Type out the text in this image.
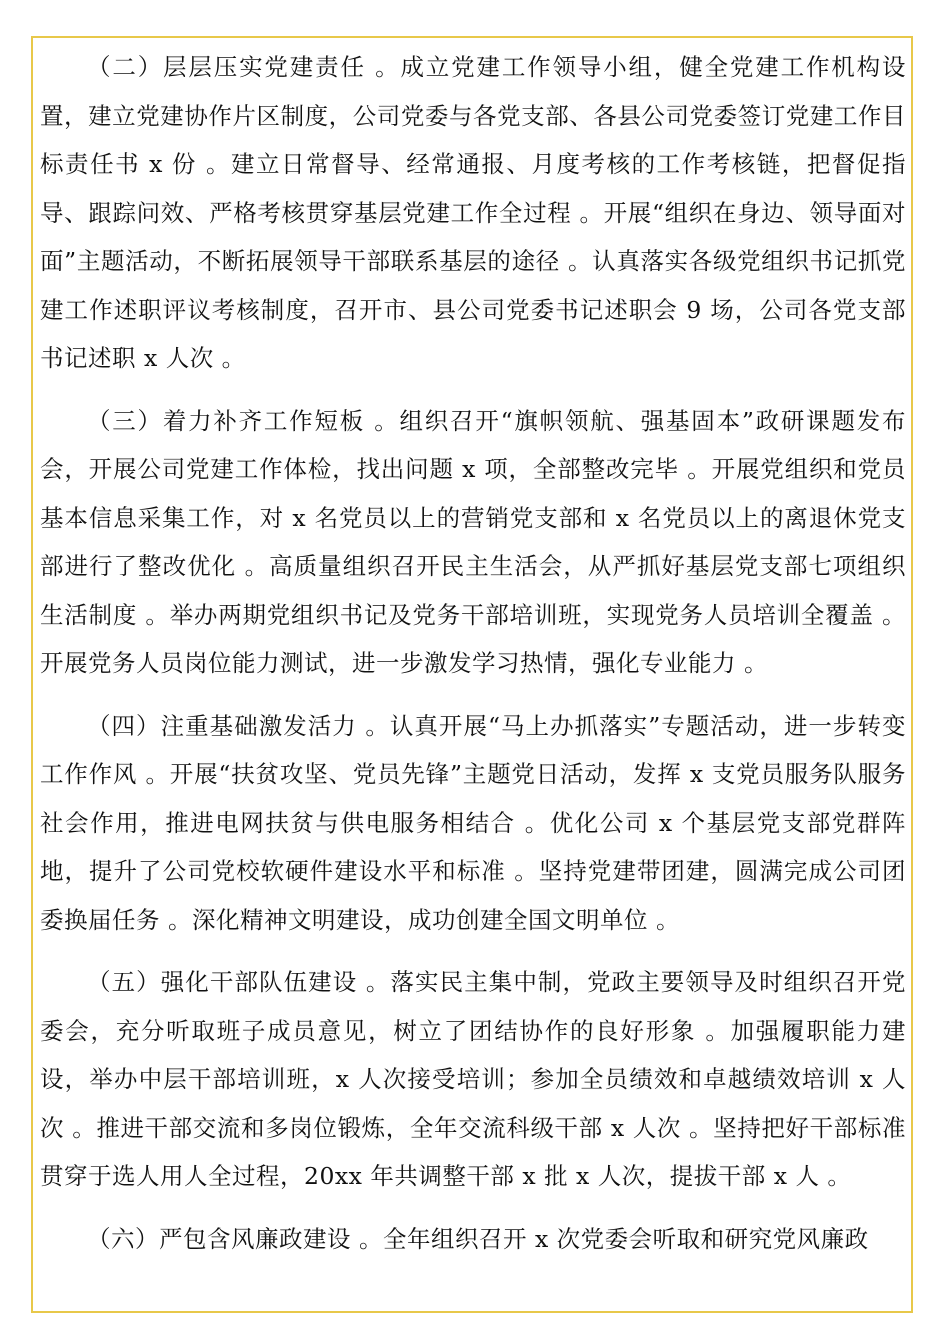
（二）层层压实党建责任 。成立党建工作领导小组，健全党建工作机构设置，建立党建协作片区制度，公司党委与各党支部、各县公司党委签订党建工作目标责任书 x 份 。建立日常督导、经常通报、月度考核的工作考核链，把督促指导、跟踪问效、严格考核贯穿基层党建工作全过程 。开展“组织在身边、领导面对面”主题活动，不断拓展领导干部联系基层的途径 。认真落实各级党组织书记抓党建工作述职评议考核制度，召开市、县公司党委书记述职会 9 场，公司各党支部书记述职 x 人次 。

（三）着力补齐工作短板 。组织召开“旗帜领航、强基固本”政研课题发布会，开展公司党建工作体检，找出问题 x 项，全部整改完毕 。开展党组织和党员基本信息采集工作，对 x 名党员以上的营销党支部和 x 名党员以上的离退休党支部进行了整改优化 。高质量组织召开民主生活会，从严抓好基层党支部七项组织生活制度 。举办两期党组织书记及党务干部培训班，实现党务人员培训全覆盖 。开展党务人员岗位能力测试，进一步激发学习热情，强化专业能力 。

（四）注重基础激发活力 。认真开展“马上办抓落实”专题活动，进一步转变工作作风 。开展“扶贫攻坚、党员先锋”主题党日活动，发挥 x 支党员服务队服务社会作用，推进电网扶贫与供电服务相结合 。优化公司 x 个基层党支部党群阵地，提升了公司党校软硬件建设水平和标准 。坚持党建带团建，圆满完成公司团委换届任务 。深化精神文明建设，成功创建全国文明单位 。

（五）强化干部队伍建设 。落实民主集中制，党政主要领导及时组织召开党委会，充分听取班子成员意见，树立了团结协作的良好形象 。加强履职能力建设，举办中层干部培训班，x 人次接受培训；参加全员绩效和卓越绩效培训 x 人次 。推进干部交流和多岗位锻炼，全年交流科级干部 x 人次 。坚持把好干部标准贯穿于选人用人全过程，20xx 年共调整干部 x 批 x 人次，提拔干部 x 人 。

（六）严包含风廉政建设 。全年组织召开 x 次党委会听取和研究党风廉政
